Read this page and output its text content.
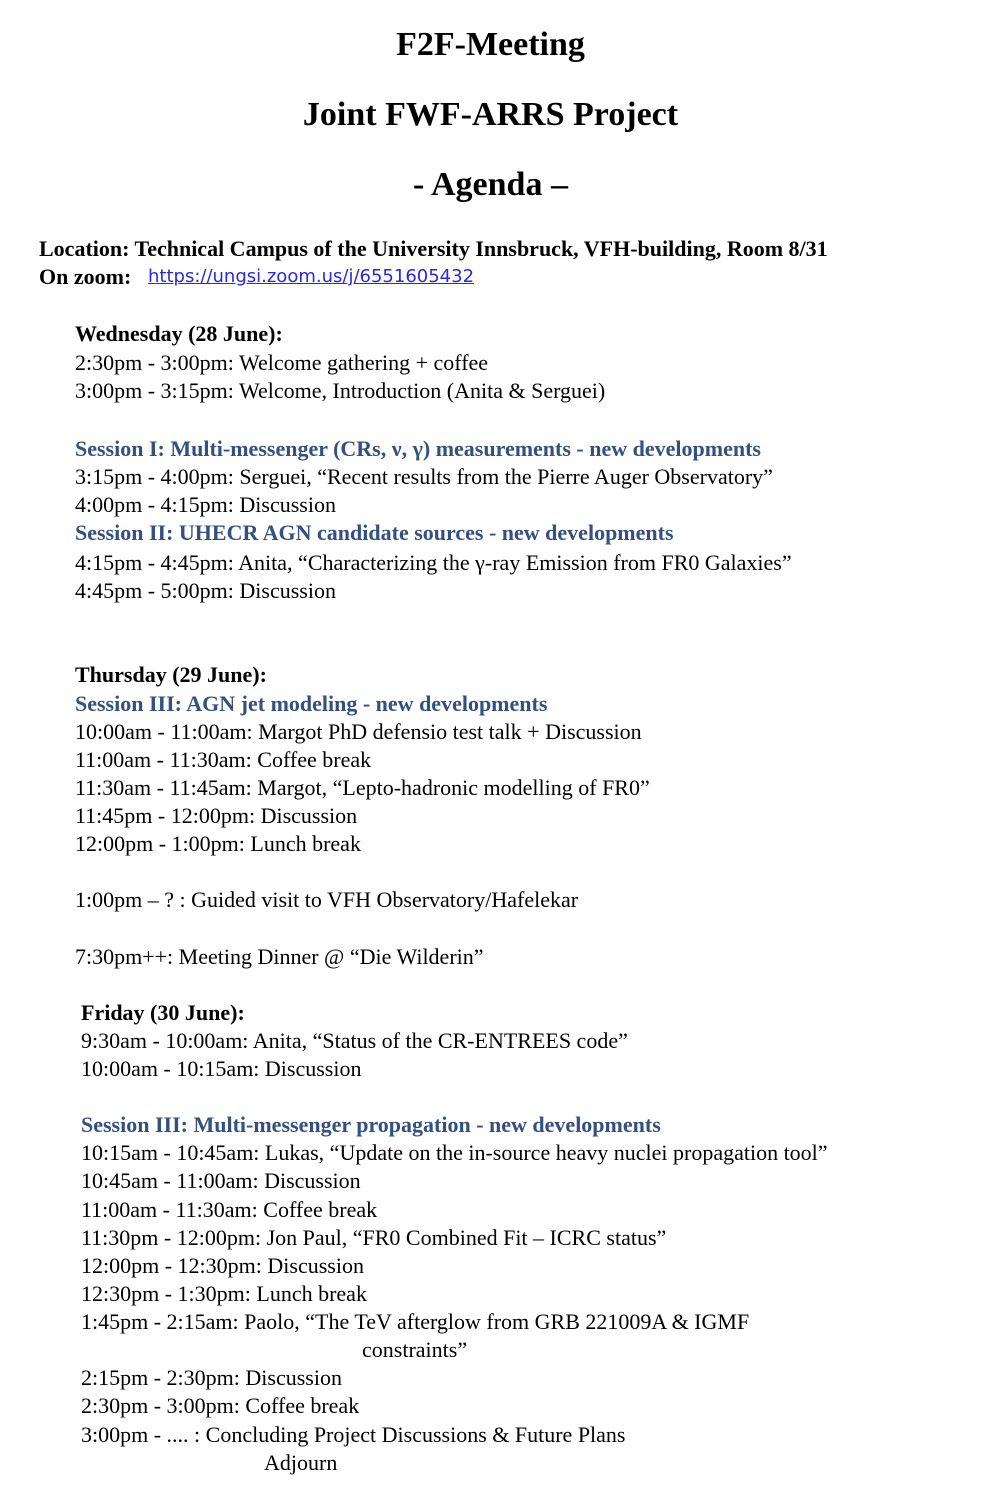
F2F-Meeting
Joint FWF-ARRS Project
- Agenda –
Location: Technical Campus of the University Innsbruck, VFH-building, Room 8/31
On zoom: https://ungsi.zoom.us/j/6551605432
Wednesday (28 June):
2:30pm - 3:00pm: Welcome gathering + coffee
3:00pm - 3:15pm: Welcome, Introduction (Anita & Serguei)
Session I: Multi-messenger (CRs, ν, γ) measurements - new developments
3:15pm - 4:00pm: Serguei, “Recent results from the Pierre Auger Observatory”
4:00pm - 4:15pm: Discussion
Session II: UHECR AGN candidate sources - new developments
4:15pm - 4:45pm: Anita, “Characterizing the γ-ray Emission from FR0 Galaxies”
4:45pm - 5:00pm: Discussion
Thursday (29 June):
Session III: AGN jet modeling - new developments
10:00am - 11:00am: Margot PhD defensio test talk + Discussion
11:00am - 11:30am: Coffee break
11:30am - 11:45am: Margot, “Lepto-hadronic modelling of FR0”
11:45pm - 12:00pm: Discussion
12:00pm - 1:00pm: Lunch break
1:00pm – ? : Guided visit to VFH Observatory/Hafelekar
7:30pm++: Meeting Dinner @ “Die Wilderin”
Friday (30 June):
9:30am - 10:00am: Anita, “Status of the CR-ENTREES code”
10:00am - 10:15am: Discussion
Session III: Multi-messenger propagation - new developments
10:15am - 10:45am: Lukas, “Update on the in-source heavy nuclei propagation tool”
10:45am - 11:00am: Discussion
11:00am - 11:30am: Coffee break
11:30pm - 12:00pm: Jon Paul, “FR0 Combined Fit – ICRC status”
12:00pm - 12:30pm: Discussion
12:30pm - 1:30pm: Lunch break
1:45pm - 2:15am: Paolo, “The TeV afterglow from GRB 221009A & IGMF
constraints”
2:15pm - 2:30pm: Discussion
2:30pm - 3:00pm: Coffee break
3:00pm - .... : Concluding Project Discussions & Future Plans
Adjourn
